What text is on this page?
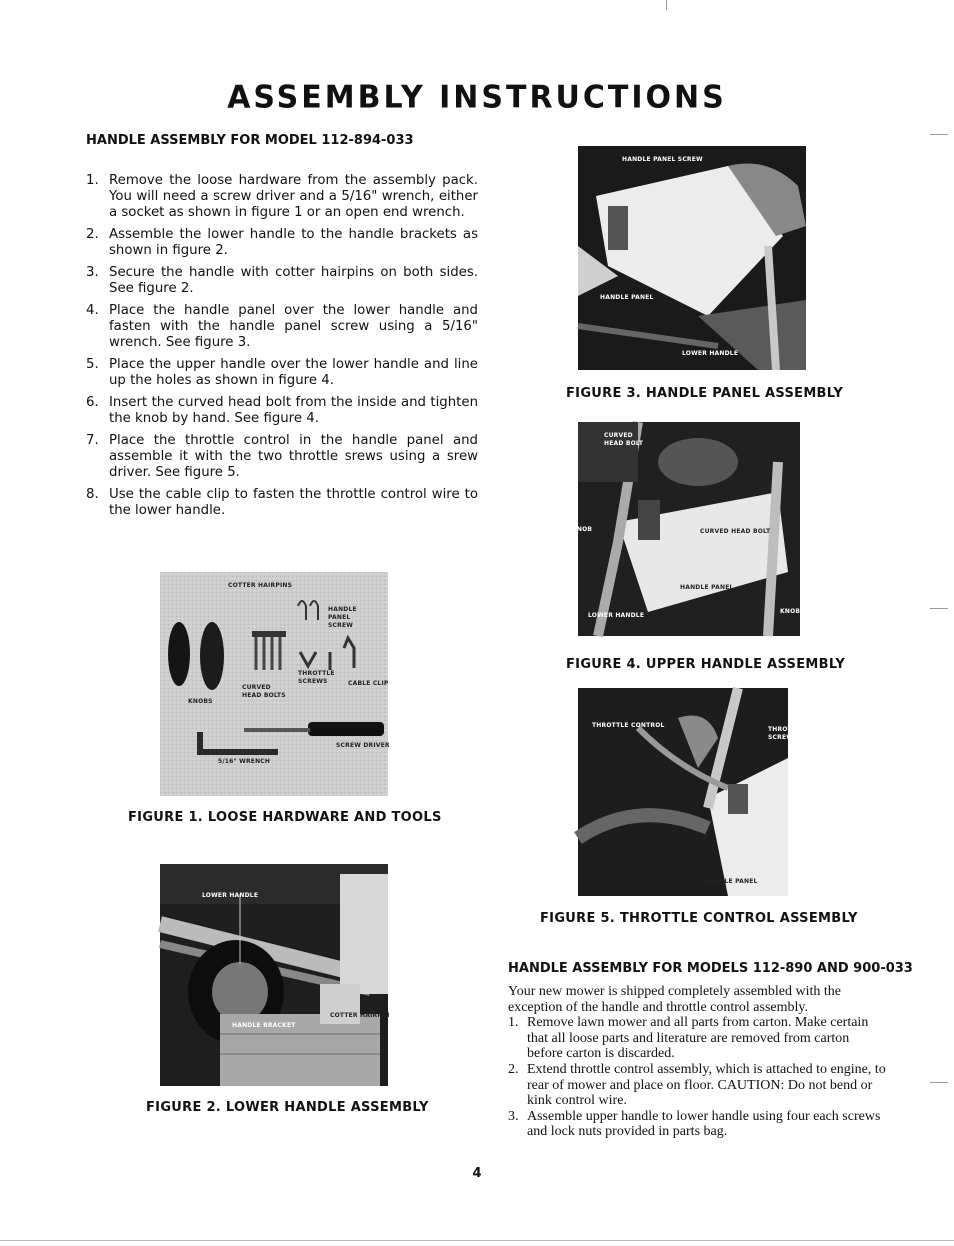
ASSEMBLY INSTRUCTIONS
HANDLE ASSEMBLY FOR MODEL 112-894-033
1. Remove the loose hardware from the assembly pack. You will need a screw driver and a 5/16" wrench, either a socket as shown in figure 1 or an open end wrench.
2. Assemble the lower handle to the handle brackets as shown in figure 2.
3. Secure the handle with cotter hairpins on both sides. See figure 2.
4. Place the handle panel over the lower handle and fasten with the handle panel screw using a 5/16" wrench. See figure 3.
5. Place the upper handle over the lower handle and line up the holes as shown in figure 4.
6. Insert the curved head bolt from the inside and tighten the knob by hand. See figure 4.
7. Place the throttle control in the handle panel and assemble it with the two throttle srews using a srew driver. See figure 5.
8. Use the cable clip to fasten the throttle control wire to the lower handle.
COTTER HAIRPINS
HANDLE PANEL SCREW
THROTTLE SCREWS
CURVED HEAD BOLTS
CABLE CLIP
KNOBS
SCREW DRIVER
5/16" WRENCH
FIGURE 1. LOOSE HARDWARE AND TOOLS
LOWER HANDLE
COTTER HAIRPIN
HANDLE BRACKET
FIGURE 2. LOWER HANDLE ASSEMBLY
HANDLE PANEL SCREW
HANDLE PANEL
LOWER HANDLE
FIGURE 3. HANDLE PANEL ASSEMBLY
CURVED HEAD BOLT
UPPER HANDLE
KNOB	CURVED HEAD BOLT
HANDLE PANEL
LOWER HANDLE
KNOB
FIGURE 4. UPPER HANDLE ASSEMBLY
THROTTLE CONTROL
THROTTLE SCREW
HANDLE PANEL
FIGURE 5. THROTTLE CONTROL ASSEMBLY
HANDLE ASSEMBLY FOR MODELS 112-890 AND 900-033

Your new mower is shipped completely assembled with the exception of the handle and throttle control assembly.

1. Remove lawn mower and all parts from carton. Make certain that all loose parts and literature are removed from carton before carton is discarded.
2. Extend throttle control assembly, which is attached to engine, to rear of mower and place on floor. CAUTION: Do not bend or kink control wire.
3. Assemble upper handle to lower handle using four each screws and lock nuts provided in parts bag.
4
